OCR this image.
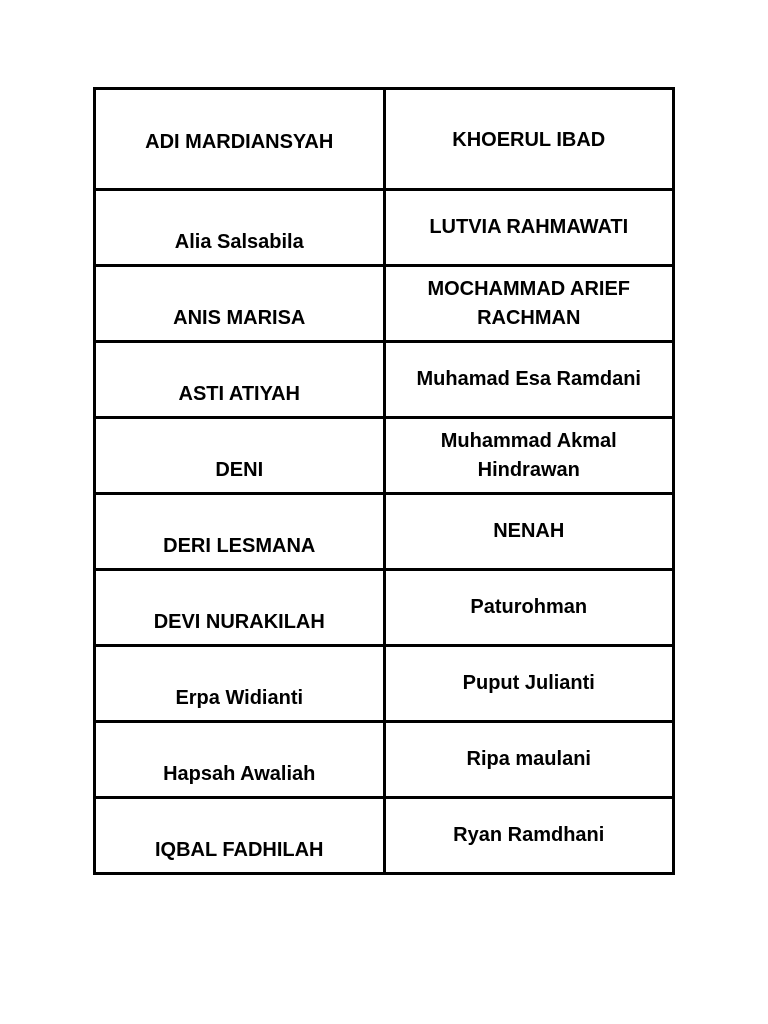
ADI MARDIANSYAH	KHOERUL IBAD
Alia Salsabila	LUTVIA RAHMAWATI
ANIS MARISA	MOCHAMMAD ARIEF RACHMAN
ASTI ATIYAH	Muhamad Esa Ramdani
DENI	Muhammad Akmal Hindrawan
DERI LESMANA	NENAH
DEVI NURAKILAH	Paturohman
Erpa Widianti	Puput Julianti
Hapsah Awaliah	Ripa maulani
IQBAL FADHILAH	Ryan Ramdhani
